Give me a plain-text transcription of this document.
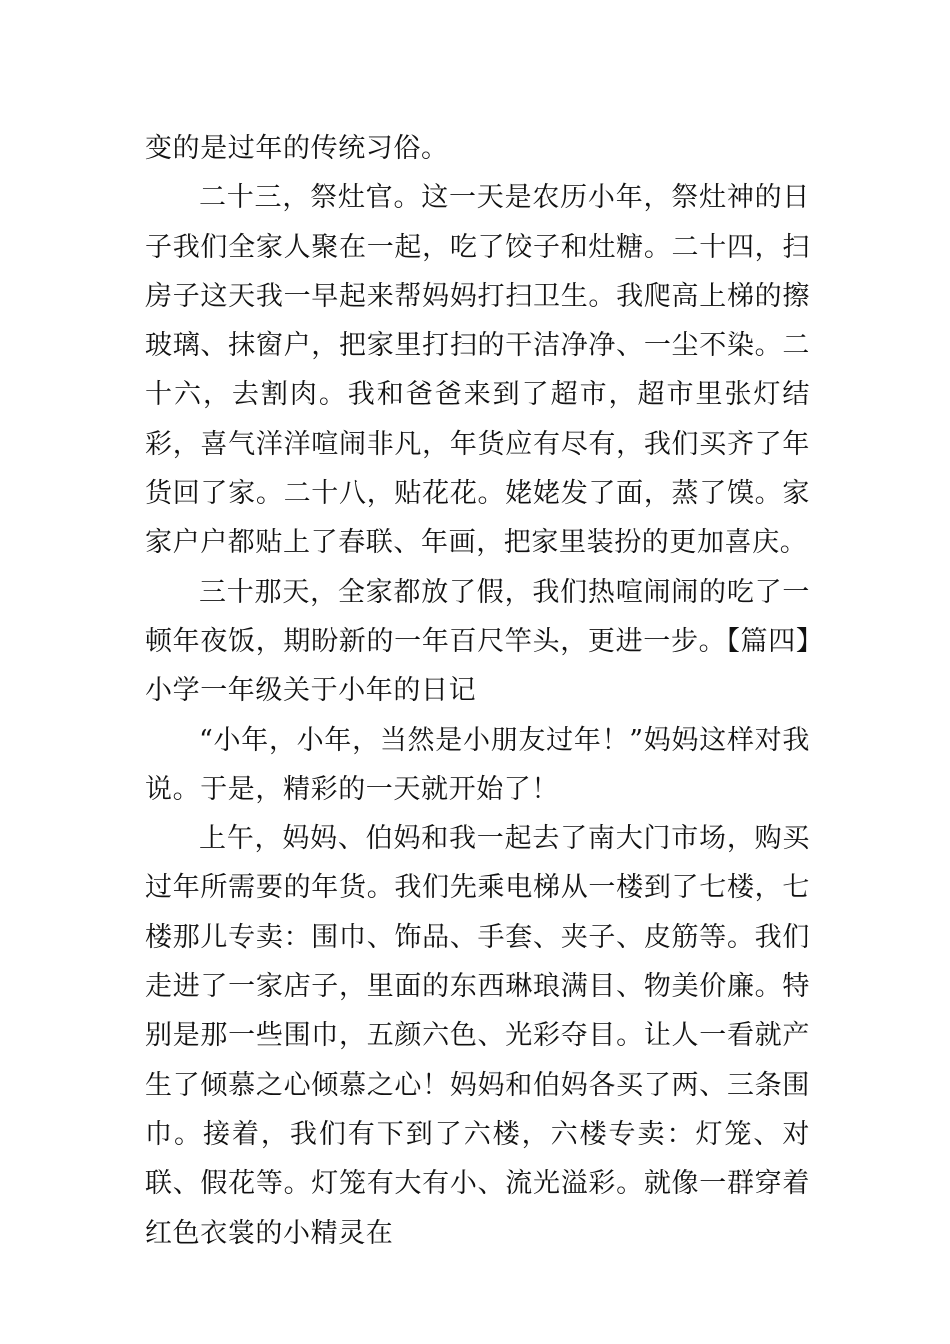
变的是过年的传统习俗。

二十三，祭灶官。这一天是农历小年，祭灶神的日子我们全家人聚在一起，吃了饺子和灶糖。二十四，扫房子这天我一早起来帮妈妈打扫卫生。我爬高上梯的擦玻璃、抹窗户，把家里打扫的干洁净净、一尘不染。二十六，去割肉。我和爸爸来到了超市，超市里张灯结彩，喜气洋洋喧闹非凡，年货应有尽有，我们买齐了年货回了家。二十八，贴花花。姥姥发了面，蒸了馍。家家户户都贴上了春联、年画，把家里装扮的更加喜庆。

三十那天，全家都放了假，我们热喧闹闹的吃了一顿年夜饭，期盼新的一年百尺竿头，更进一步。【篇四】小学一年级关于小年的日记

“小年，小年，当然是小朋友过年！”妈妈这样对我说。于是，精彩的一天就开始了！

上午，妈妈、伯妈和我一起去了南大门市场，购买过年所需要的年货。我们先乘电梯从一楼到了七楼，七楼那儿专卖：围巾、饰品、手套、夹子、皮筋等。我们走进了一家店子，里面的东西琳琅满目、物美价廉。特别是那一些围巾，五颜六色、光彩夺目。让人一看就产生了倾慕之心倾慕之心！妈妈和伯妈各买了两、三条围巾。接着，我们有下到了六楼，六楼专卖：灯笼、对联、假花等。灯笼有大有小、流光溢彩。就像一群穿着红色衣裳的小精灵在
